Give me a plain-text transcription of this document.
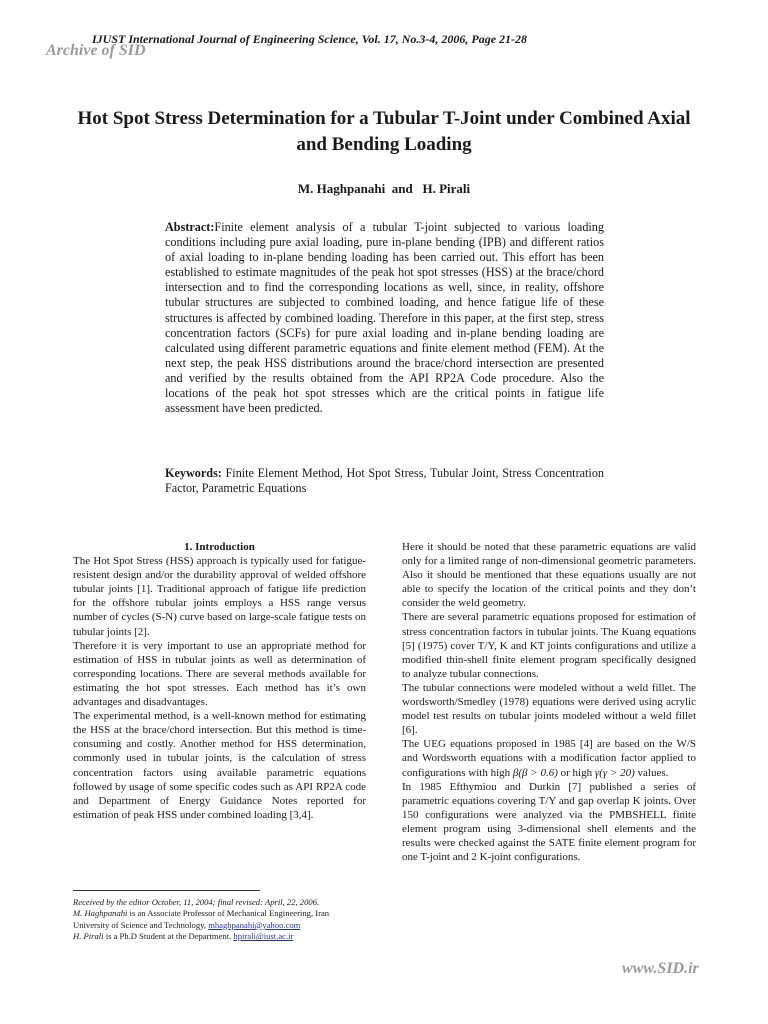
IJUST International Journal of Engineering Science, Vol. 17, No.3-4, 2006, Page 21-28
Archive of SID
Hot Spot Stress Determination for a Tubular T-Joint under Combined Axial and Bending Loading
M. Haghpanahi  and   H. Pirali
Abstract:Finite element analysis of a tubular T-joint subjected to various loading conditions including pure axial loading, pure in-plane bending (IPB) and different ratios of axial loading to in-plane bending loading has been carried out. This effort has been established to estimate magnitudes of the peak hot spot stresses (HSS) at the brace/chord intersection and to find the corresponding locations as well, since, in reality, offshore tubular structures are subjected to combined loading, and hence fatigue life of these structures is affected by combined loading. Therefore in this paper, at the first step, stress concentration factors (SCFs) for pure axial loading and in-plane bending loading are calculated using different parametric equations and finite element method (FEM). At the next step, the peak HSS distributions around the brace/chord intersection are presented and verified by the results obtained from the API RP2A Code procedure. Also the locations of the peak hot spot stresses which are the critical points in fatigue life assessment have been predicted.
Keywords: Finite Element Method, Hot Spot Stress, Tubular Joint, Stress Concentration Factor, Parametric Equations

1. Introduction

The Hot Spot Stress (HSS) approach is typically used for fatigue-resistent design and/or the durability approval of welded offshore tubular joints [1]. Traditional approach of fatigue life prediction for the offshore tubular joints employs a HSS range versus number of cycles (S-N) curve based on large-scale fatigue tests on tubular joints [2].

Therefore it is very important to use an appropriate method for estimation of HSS in tubular joints as well as determination of corresponding locations. There are several methods available for estimating the hot spot stresses. Each method has it’s own advantages and disadvantages.

The experimental method, is a well-known method for estimating the HSS at the brace/chord intersection. But this method is time-consuming and costly. Another method for HSS determination, commonly used in tubular joints, is the calculation of stress concentration factors using available parametric equations followed by usage of some specific codes such as API RP2A code and Department of Energy Guidance Notes reported for estimation of peak HSS under combined loading [3,4].

Received by the editor October, 11, 2004; final revised: April, 22, 2006.

M. Haghpanahi is an Associate Professor of Mechanical Engineering, Iran University of Science and Technology, mhaghpanahi@yahoo.com

H. Pirali is a Ph.D Student at the Department. hpirali@iust.ac.ir

Here it should be noted that these parametric equations are valid only for a limited range of non-dimensional geometric parameters. Also it should be mentioned that these equations usually are not able to specify the location of the critical points and they don’t consider the weld geometry.

There are several parametric equations proposed for estimation of stress concentration factors in tubular joints. The Kuang equations [5] (1975) cover T/Y, K and KT joints configurations and utilize a modified thin-shell finite element program specifically designed to analyze tubular connections.

The tubular connections were modeled without a weld fillet. The wordsworth/Smedley (1978) equations were derived using acrylic model test results on tubular joints modeled without a weld fillet [6].

The UEG equations proposed in 1985 [4] are based on the W/S and Wordsworth equations with a modification factor applied to configurations with high β(β > 0.6) or high γ(γ > 20) values.

In 1985 Efthymiou and Durkin [7] published a series of parametric equations covering T/Y and gap overlap K joints. Over 150 configurations were analyzed via the PMBSHELL finite element program using 3-dimensional shell elements and the results were checked against the SATE finite element program for one T-joint and 2 K-joint configurations.

www.SID.ir
